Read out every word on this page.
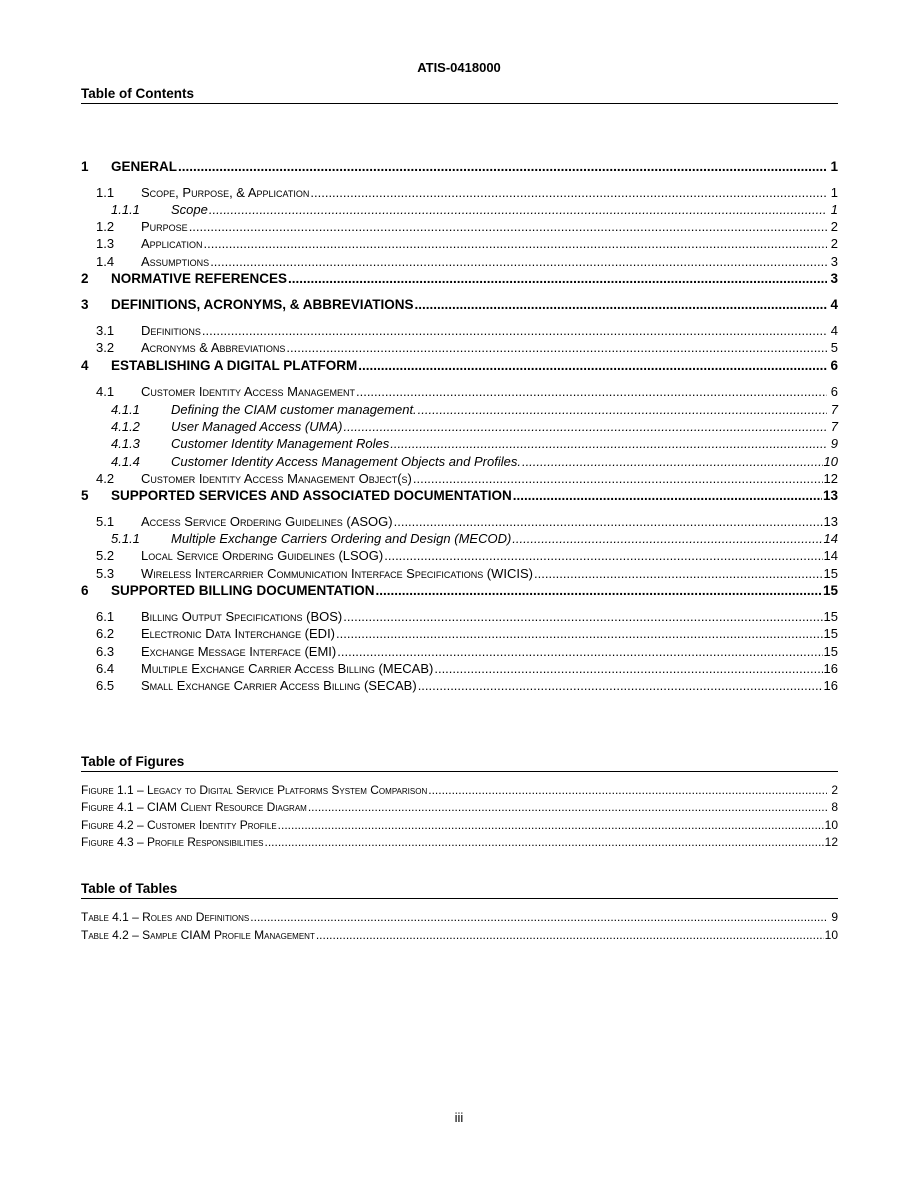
ATIS-0418000
Table of Contents
1	GENERAL .....	1
1.1	Scope, Purpose, & Application .....	1
1.1.1	Scope .....	1
1.2	Purpose .....	2
1.3	Application .....	2
1.4	Assumptions .....	3
2	NORMATIVE REFERENCES .....	3
3	DEFINITIONS, ACRONYMS, & ABBREVIATIONS .....	4
3.1	Definitions .....	4
3.2	Acronyms & Abbreviations .....	5
4	ESTABLISHING A DIGITAL PLATFORM .....	6
4.1	Customer Identity Access Management .....	6
4.1.1	Defining the CIAM customer management. .....	7
4.1.2	User Managed Access (UMA) .....	7
4.1.3	Customer Identity Management Roles .....	9
4.1.4	Customer Identity Access Management Objects and Profiles. .....	10
4.2	Customer Identity Access Management Object(s) .....	12
5	SUPPORTED SERVICES AND ASSOCIATED DOCUMENTATION .....	13
5.1	Access Service Ordering Guidelines (ASOG) .....	13
5.1.1	Multiple Exchange Carriers Ordering and Design (MECOD) .....	14
5.2	Local Service Ordering Guidelines (LSOG) .....	14
5.3	Wireless Intercarrier Communication Interface Specifications (WICIS) .....	15
6	SUPPORTED BILLING DOCUMENTATION .....	15
6.1	Billing Output Specifications (BOS) .....	15
6.2	Electronic Data Interchange (EDI) .....	15
6.3	Exchange Message Interface (EMI) .....	15
6.4	Multiple Exchange Carrier Access Billing (MECAB) .....	16
6.5	Small Exchange Carrier Access Billing (SECAB) .....	16
Table of Figures
Figure 1.1 – Legacy to Digital Service Platforms System Comparison .....	2
Figure 4.1 – CIAM Client Resource Diagram .....	8
Figure 4.2 – Customer Identity Profile .....	10
Figure 4.3 – Profile Responsibilities .....	12
Table of Tables
Table 4.1 – Roles and Definitions .....	9
Table 4.2 – Sample CIAM Profile Management .....	10
iii
